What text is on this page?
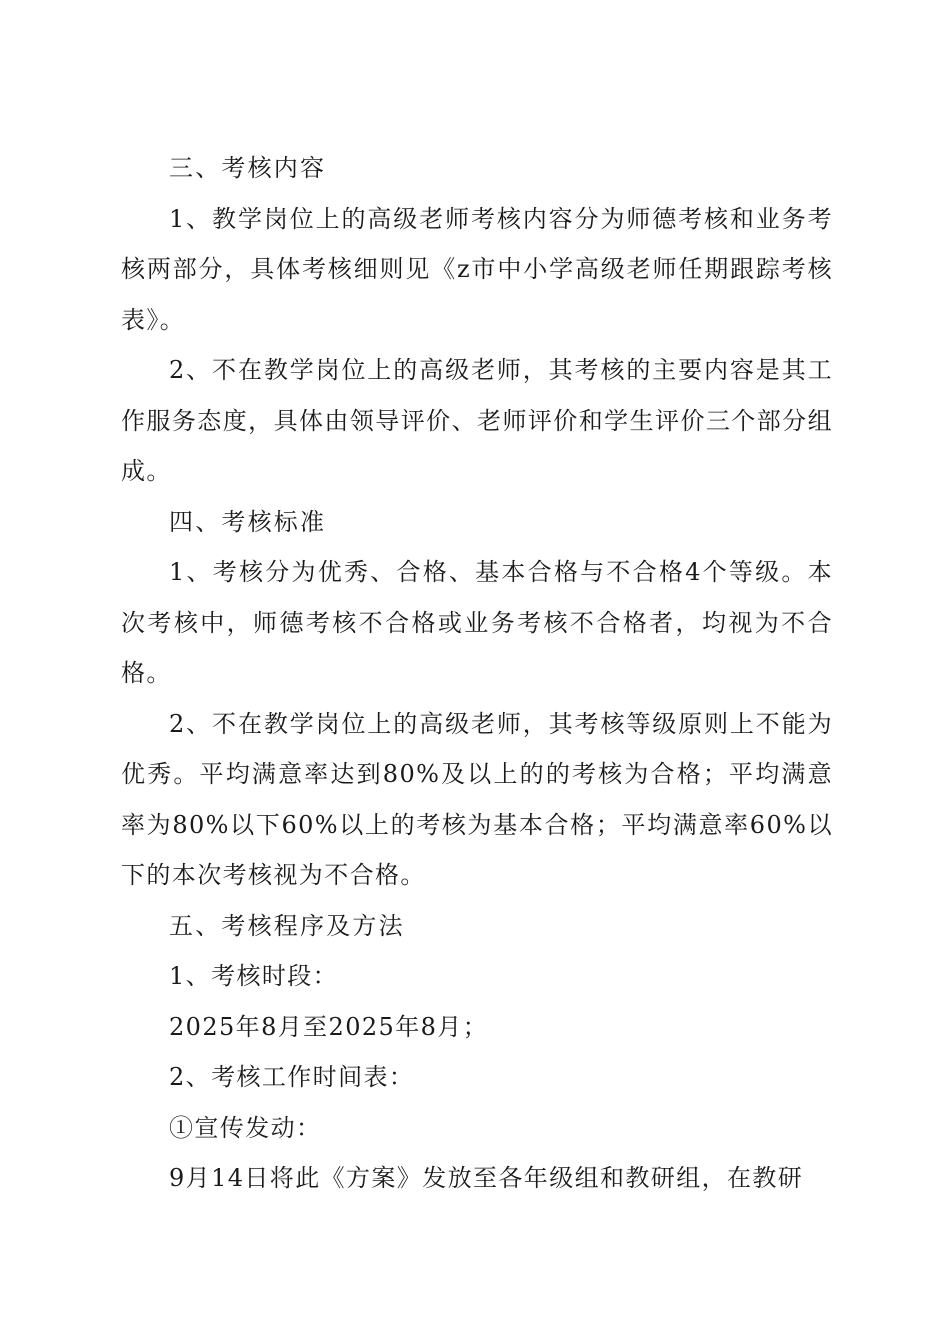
三、考核内容

1、教学岗位上的高级老师考核内容分为师德考核和业务考核两部分，具体考核细则见《z市中小学高级老师任期跟踪考核表》。

2、不在教学岗位上的高级老师，其考核的主要内容是其工作服务态度，具体由领导评价、老师评价和学生评价三个部分组成。

四、考核标准

1、考核分为优秀、合格、基本合格与不合格4个等级。本次考核中，师德考核不合格或业务考核不合格者，均视为不合格。

2、不在教学岗位上的高级老师，其考核等级原则上不能为优秀。平均满意率达到80%及以上的的考核为合格；平均满意率为80%以下60%以上的考核为基本合格；平均满意率60%以下的本次考核视为不合格。

五、考核程序及方法

1、考核时段：

2025年8月至2025年8月；

2、考核工作时间表：

①宣传发动：

9月14日将此《方案》发放至各年级组和教研组，在教研
